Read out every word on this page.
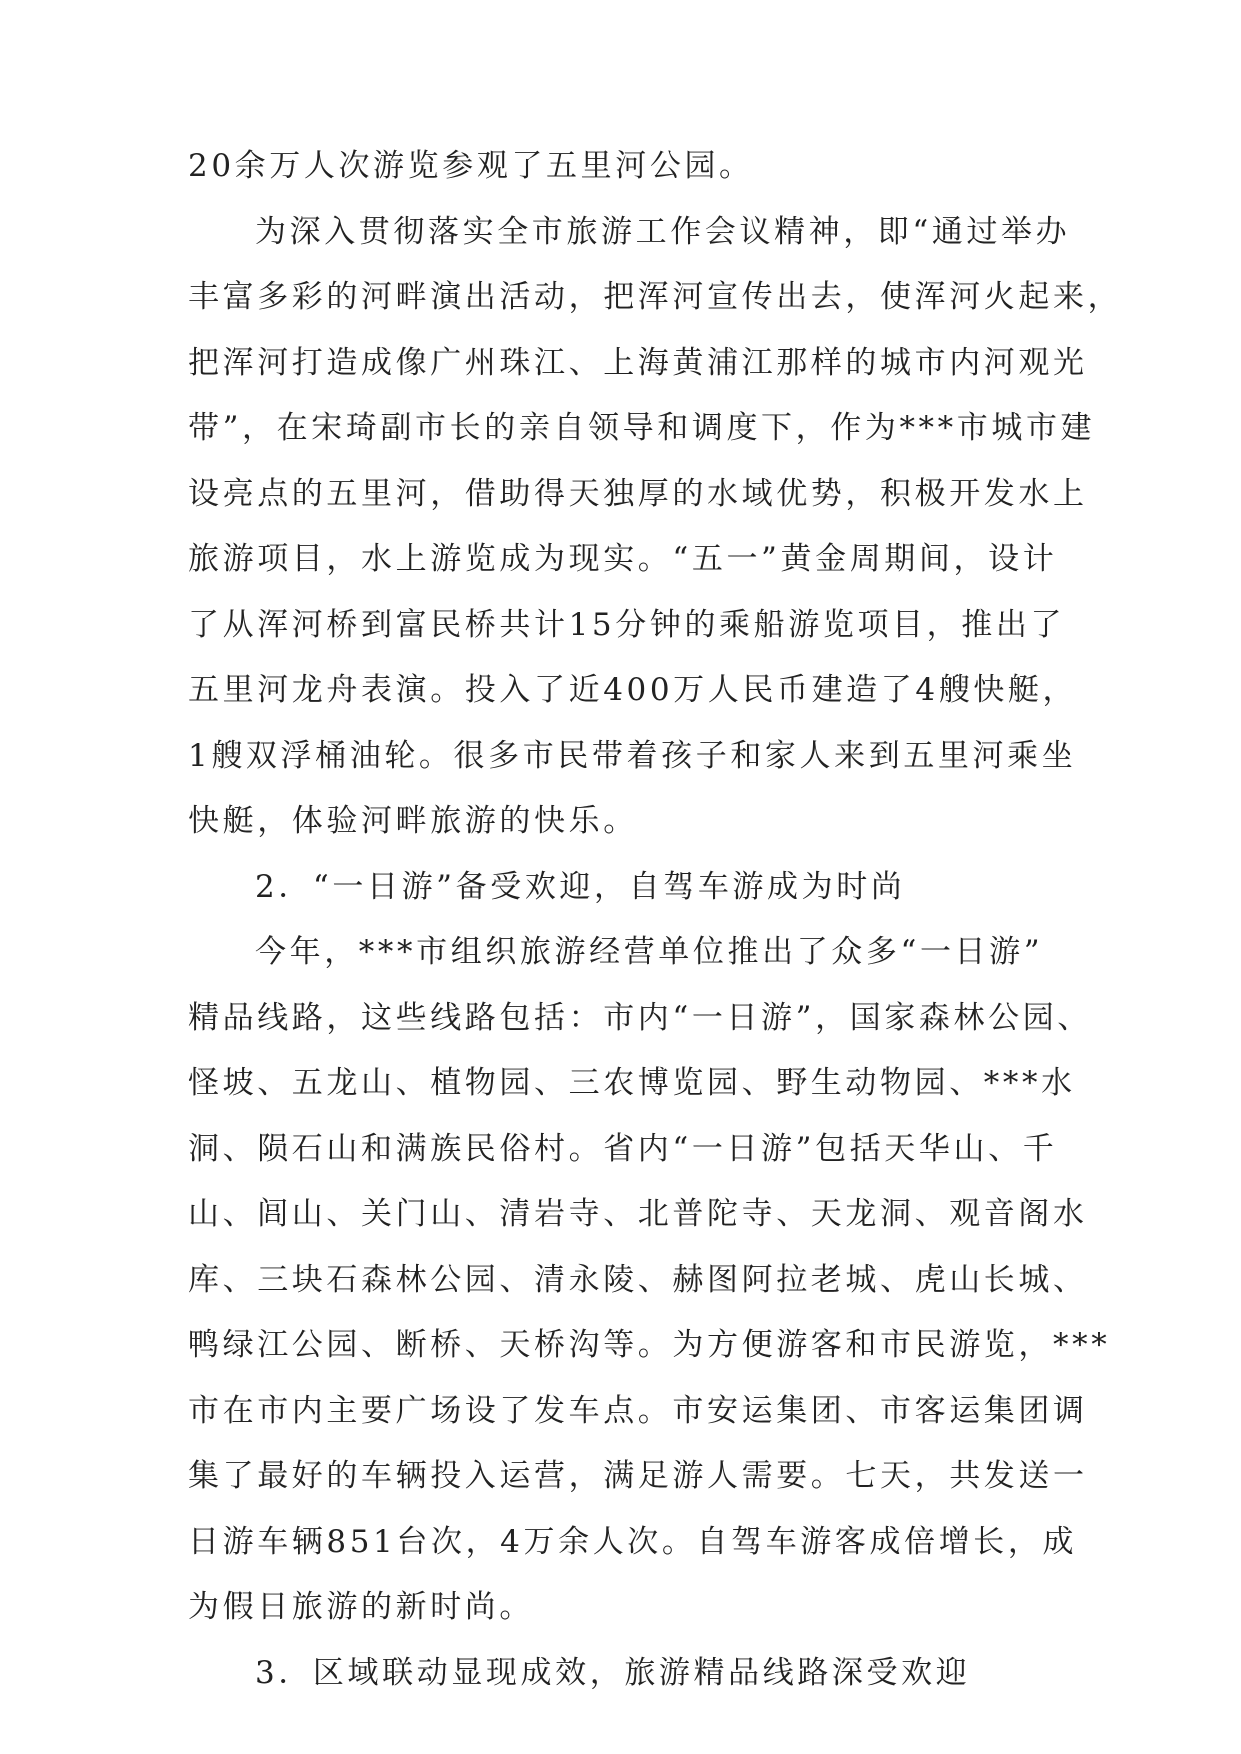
20余万人次游览参观了五里河公园。
为深入贯彻落实全市旅游工作会议精神，即“通过举办
丰富多彩的河畔演出活动，把浑河宣传出去，使浑河火起来，
把浑河打造成像广州珠江、上海黄浦江那样的城市内河观光
带”，在宋琦副市长的亲自领导和调度下，作为***市城市建
设亮点的五里河，借助得天独厚的水域优势，积极开发水上
旅游项目，水上游览成为现实。“五一”黄金周期间，设计
了从浑河桥到富民桥共计15分钟的乘船游览项目，推出了
五里河龙舟表演。投入了近400万人民币建造了4艘快艇，
1艘双浮桶油轮。很多市民带着孩子和家人来到五里河乘坐
快艇，体验河畔旅游的快乐。
2．“一日游”备受欢迎，自驾车游成为时尚
今年，***市组织旅游经营单位推出了众多“一日游”
精品线路，这些线路包括：市内“一日游”，国家森林公园、
怪坡、五龙山、植物园、三农博览园、野生动物园、***水
洞、陨石山和满族民俗村。省内“一日游”包括天华山、千
山、闾山、关门山、清岩寺、北普陀寺、天龙洞、观音阁水
库、三块石森林公园、清永陵、赫图阿拉老城、虎山长城、
鸭绿江公园、断桥、天桥沟等。为方便游客和市民游览，***
市在市内主要广场设了发车点。市安运集团、市客运集团调
集了最好的车辆投入运营，满足游人需要。七天，共发送一
日游车辆851台次，4万余人次。自驾车游客成倍增长，成
为假日旅游的新时尚。
3．区域联动显现成效，旅游精品线路深受欢迎
